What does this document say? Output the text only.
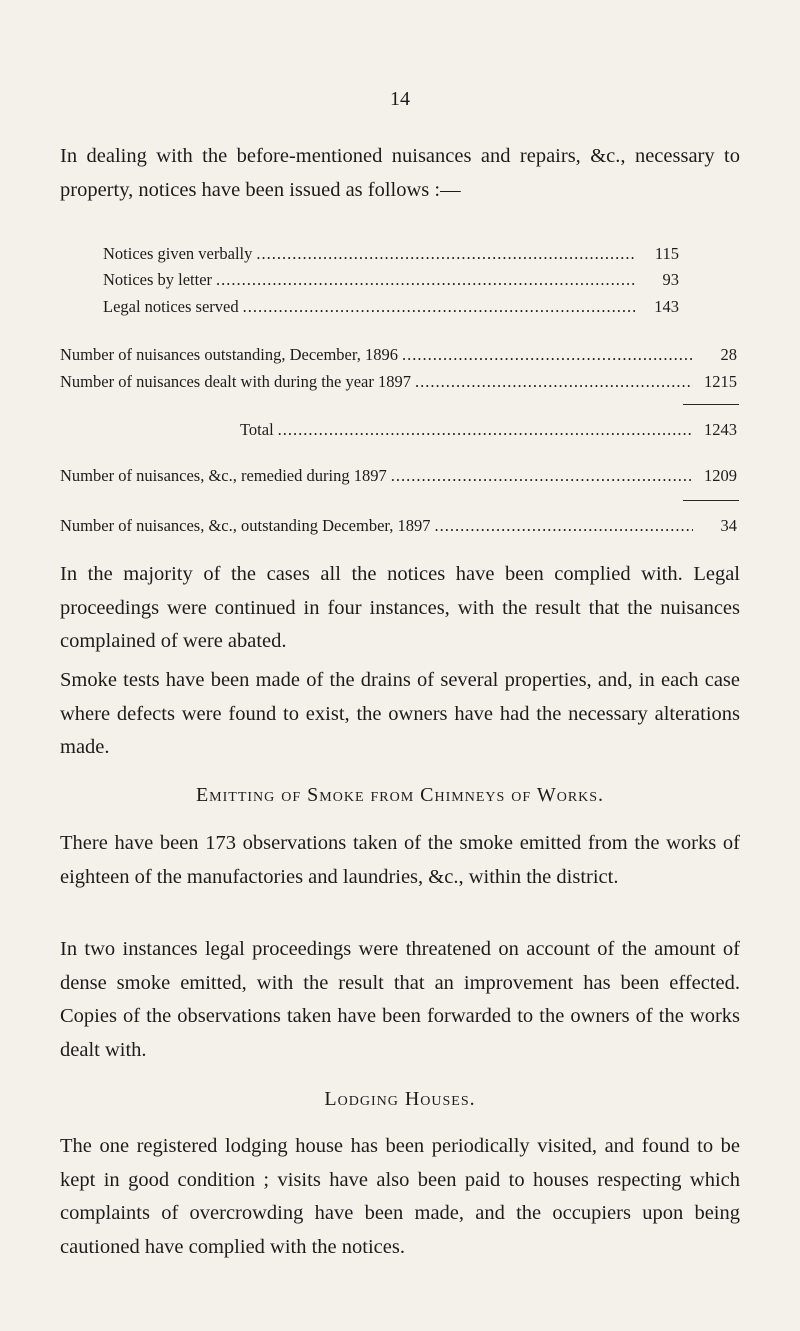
14

In dealing with the before-mentioned nuisances and repairs, &c., necessary to property, notices have been issued as follows :—

Notices given verbally .....	115
Notices by letter .....	93
Legal notices served .....	143
Number of nuisances outstanding, December, 1896 .....	28
Number of nuisances dealt with during the year 1897 .....	1215
Total .....	1243
Number of nuisances, &c., remedied during 1897 .....	1209
Number of nuisances, &c., outstanding December, 1897 .....	34

In the majority of the cases all the notices have been complied with. Legal proceedings were continued in four instances, with the result that the nuisances complained of were abated.

Smoke tests have been made of the drains of several properties, and, in each case where defects were found to exist, the owners have had the necessary alterations made.

Emitting of Smoke from Chimneys of Works.

There have been 173 observations taken of the smoke emitted from the works of eighteen of the manufactories and laundries, &c., within the district.

In two instances legal proceedings were threatened on account of the amount of dense smoke emitted, with the result that an improvement has been effected. Copies of the observations taken have been forwarded to the owners of the works dealt with.

Lodging Houses.

The one registered lodging house has been periodically visited, and found to be kept in good condition ; visits have also been paid to houses respecting which complaints of overcrowding have been made, and the occupiers upon being cautioned have complied with the notices.
